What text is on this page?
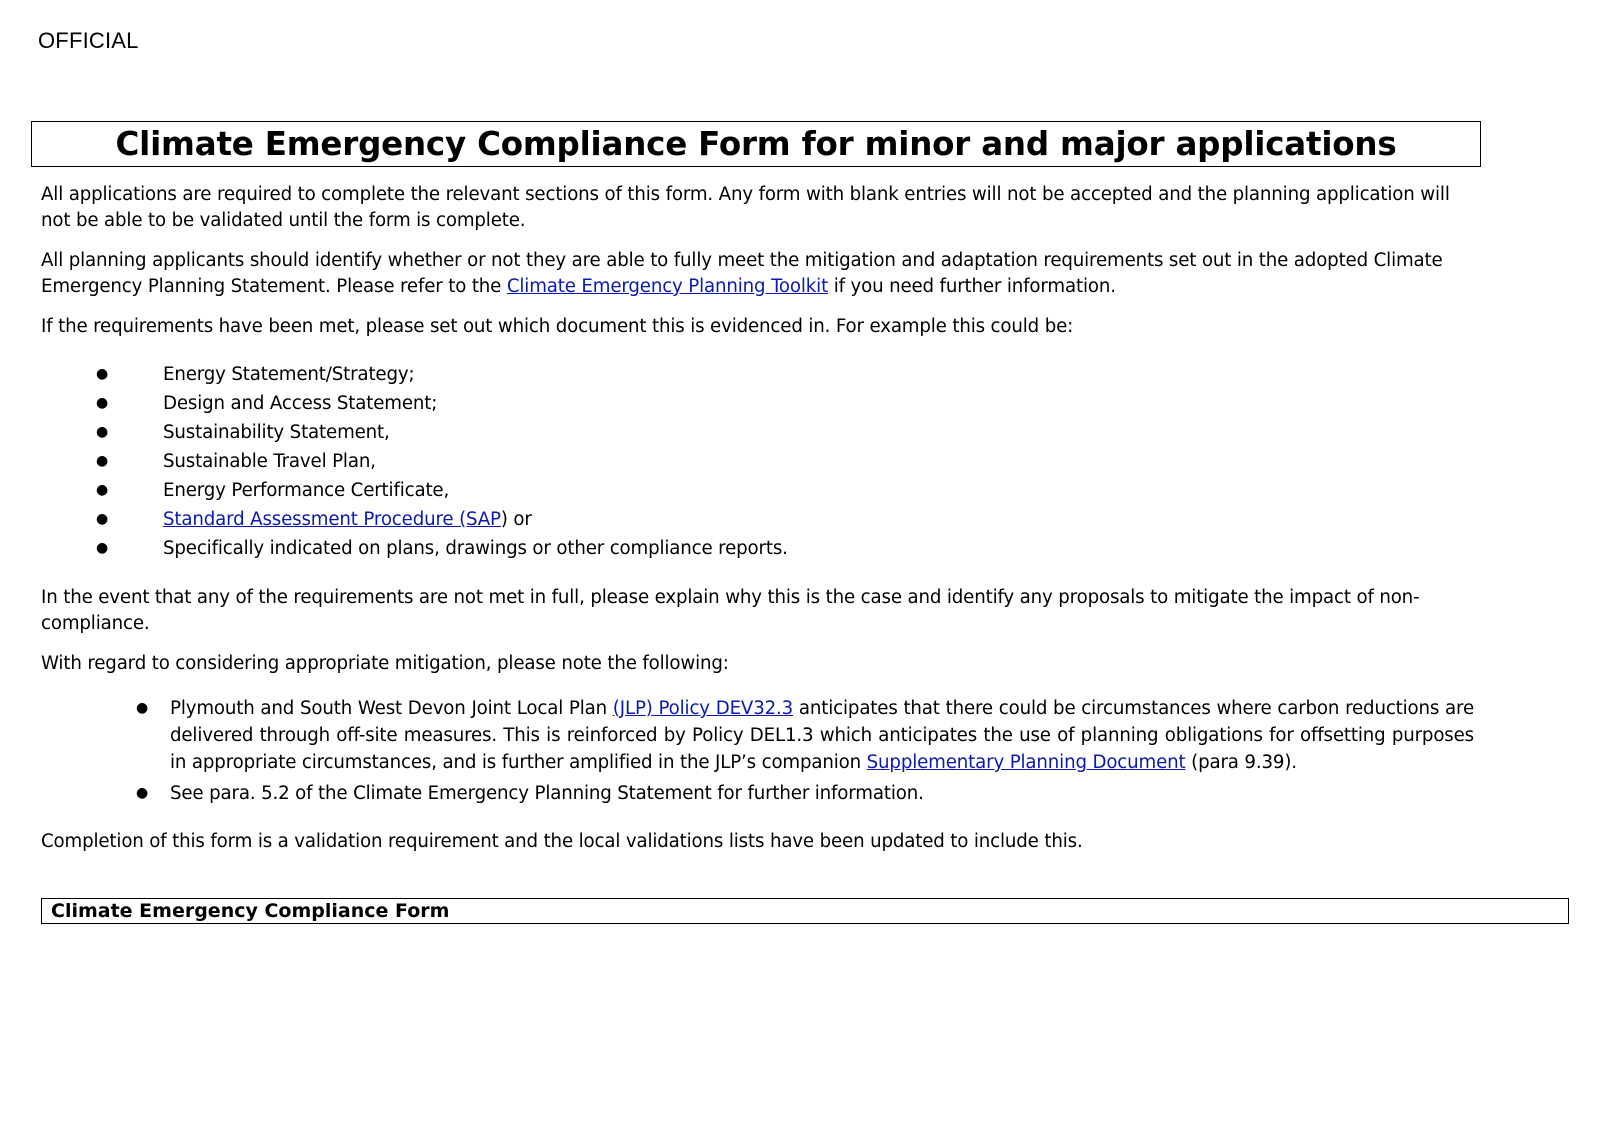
OFFICIAL
Climate Emergency Compliance Form for minor and major applications

All applications are required to complete the relevant sections of this form. Any form with blank entries will not be accepted and the planning application will not be able to be validated until the form is complete.

All planning applicants should identify whether or not they are able to fully meet the mitigation and adaptation requirements set out in the adopted Climate Emergency Planning Statement. Please refer to the Climate Emergency Planning Toolkit if you need further information.

If the requirements have been met, please set out which document this is evidenced in. For example this could be:

●	Energy Statement/Strategy;
●	Design and Access Statement;
●	Sustainability Statement,
●	Sustainable Travel Plan,
●	Energy Performance Certificate,
●	Standard Assessment Procedure (SAP) or
●	Specifically indicated on plans, drawings or other compliance reports.

In the event that any of the requirements are not met in full, please explain why this is the case and identify any proposals to mitigate the impact of non-compliance.

With regard to considering appropriate mitigation, please note the following:

● Plymouth and South West Devon Joint Local Plan (JLP) Policy DEV32.3 anticipates that there could be circumstances where carbon reductions are delivered through off-site measures. This is reinforced by Policy DEL1.3 which anticipates the use of planning obligations for offsetting purposes in appropriate circumstances, and is further amplified in the JLP’s companion Supplementary Planning Document (para 9.39).
● See para. 5.2 of the Climate Emergency Planning Statement for further information.

Completion of this form is a validation requirement and the local validations lists have been updated to include this.

Climate Emergency Compliance Form
